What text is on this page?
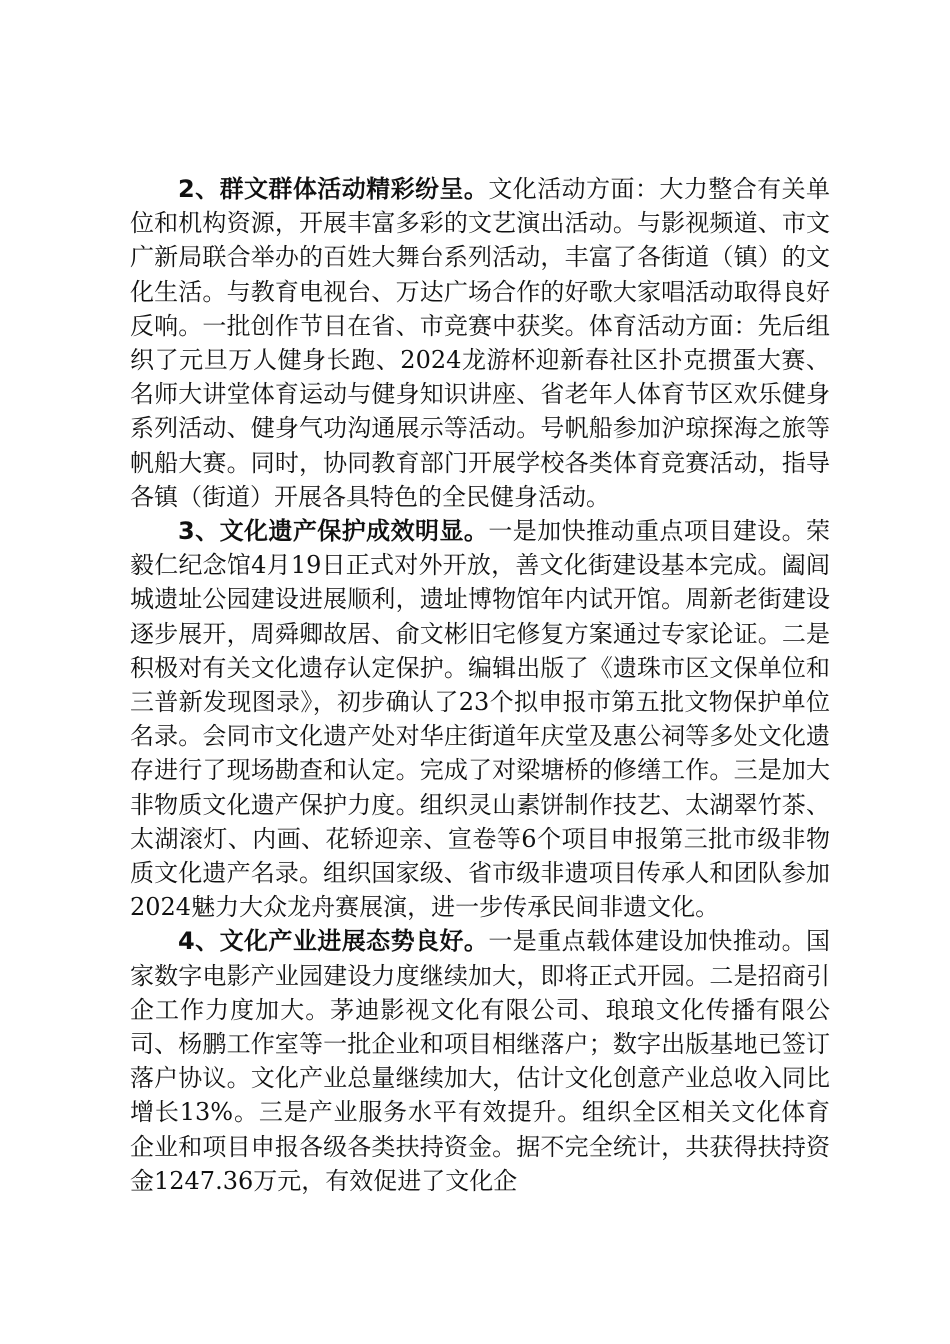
2、群文群体活动精彩纷呈。文化活动方面：大力整合有关单位和机构资源，开展丰富多彩的文艺演出活动。与影视频道、市文广新局联合举办的百姓大舞台系列活动，丰富了各街道（镇）的文化生活。与教育电视台、万达广场合作的好歌大家唱活动取得良好反响。一批创作节目在省、市竞赛中获奖。体育活动方面：先后组织了元旦万人健身长跑、2024龙游杯迎新春社区扑克掼蛋大赛、名师大讲堂体育运动与健身知识讲座、省老年人体育节区欢乐健身系列活动、健身气功沟通展示等活动。号帆船参加沪琼探海之旅等帆船大赛。同时，协同教育部门开展学校各类体育竞赛活动，指导各镇（街道）开展各具特色的全民健身活动。

3、文化遗产保护成效明显。一是加快推动重点项目建设。荣毅仁纪念馆4月19日正式对外开放，善文化街建设基本完成。阖闾城遗址公园建设进展顺利，遗址博物馆年内试开馆。周新老街建设逐步展开，周舜卿故居、俞文彬旧宅修复方案通过专家论证。二是积极对有关文化遗存认定保护。编辑出版了《遗珠市区文保单位和三普新发现图录》，初步确认了23个拟申报市第五批文物保护单位名录。会同市文化遗产处对华庄街道年庆堂及惠公祠等多处文化遗存进行了现场勘查和认定。完成了对梁塘桥的修缮工作。三是加大非物质文化遗产保护力度。组织灵山素饼制作技艺、太湖翠竹茶、太湖滚灯、内画、花轿迎亲、宣卷等6个项目申报第三批市级非物质文化遗产名录。组织国家级、省市级非遗项目传承人和团队参加2024魅力大众龙舟赛展演，进一步传承民间非遗文化。

4、文化产业进展态势良好。一是重点载体建设加快推动。国家数字电影产业园建设力度继续加大，即将正式开园。二是招商引企工作力度加大。茅迪影视文化有限公司、琅琅文化传播有限公司、杨鹏工作室等一批企业和项目相继落户；数字出版基地已签订落户协议。文化产业总量继续加大，估计文化创意产业总收入同比增长13%。三是产业服务水平有效提升。组织全区相关文化体育企业和项目申报各级各类扶持资金。据不完全统计，共获得扶持资金1247.36万元，有效促进了文化企
